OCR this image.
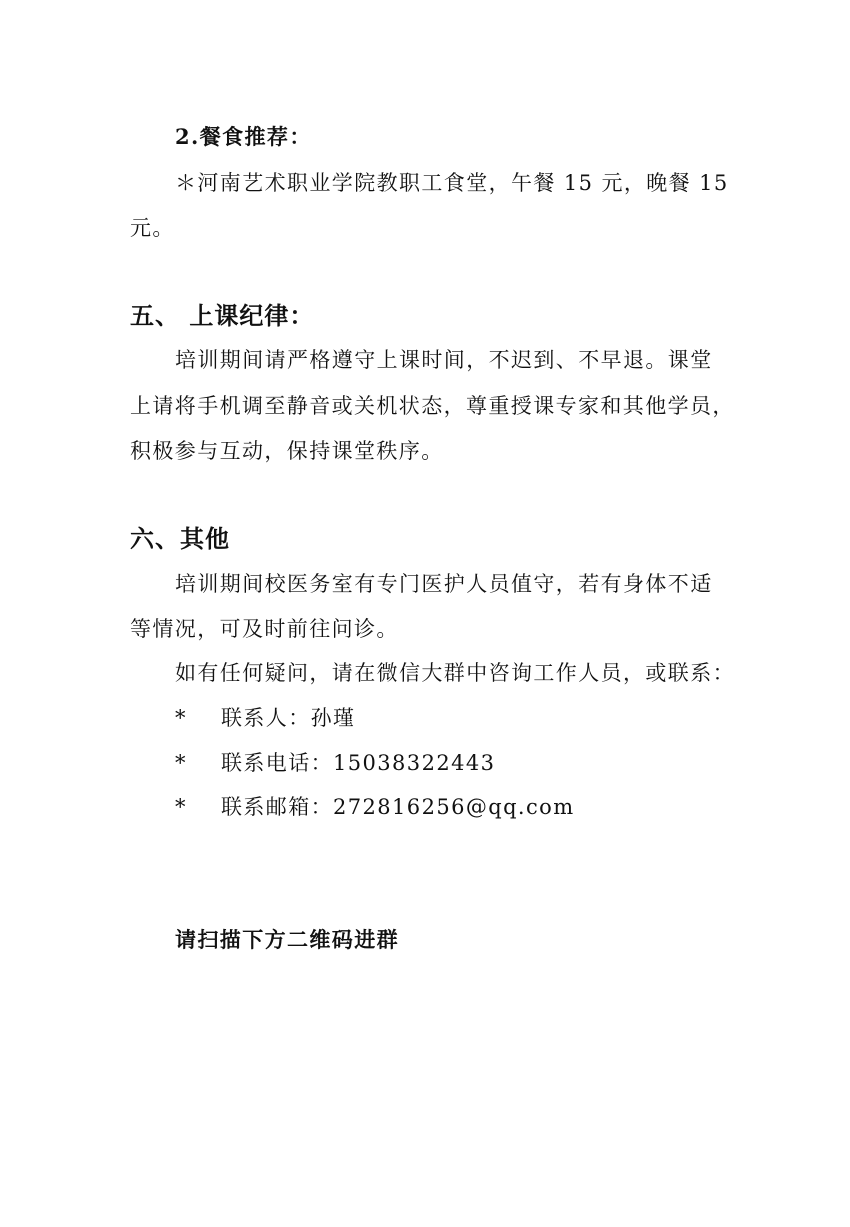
2.餐食推荐：
＊河南艺术职业学院教职工食堂，午餐 15 元，晚餐 15
元。
五、 上课纪律：
培训期间请严格遵守上课时间，不迟到、不早退。课堂
上请将手机调至静音或关机状态，尊重授课专家和其他学员，
积极参与互动，保持课堂秩序。
六、其他
培训期间校医务室有专门医护人员值守，若有身体不适
等情况，可及时前往问诊。
如有任何疑问，请在微信大群中咨询工作人员，或联系：
* 联系人：孙瑾
* 联系电话：15038322443
* 联系邮箱：272816256@qq.com
请扫描下方二维码进群
